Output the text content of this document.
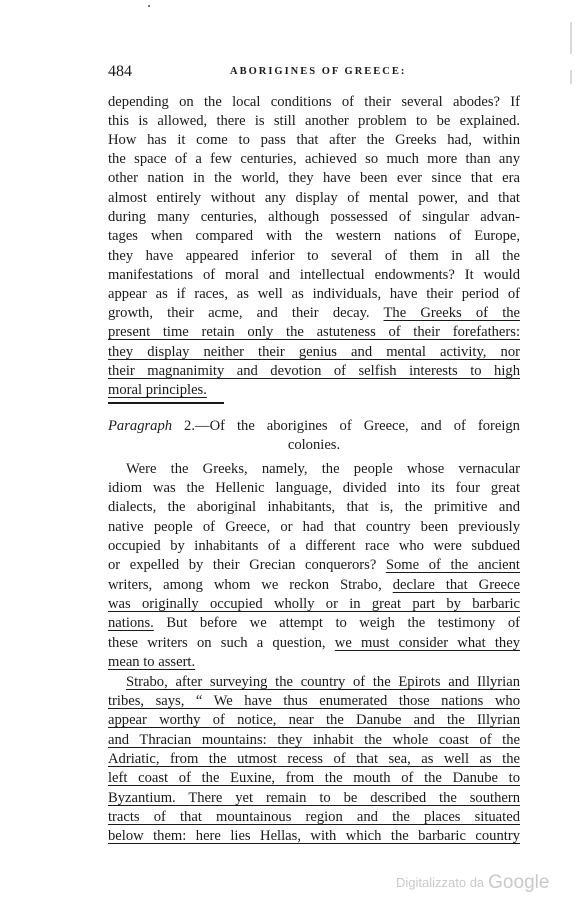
484	ABORIGINES OF GREECE:
depending on the local conditions of their several abodes? If
this is allowed, there is still another problem to be explained.
How has it come to pass that after the Greeks had, within
the space of a few centuries, achieved so much more than any
other nation in the world, they have been ever since that era
almost entirely without any display of mental power, and that
during many centuries, although possessed of singular advan-
tages when compared with the western nations of Europe,
they have appeared inferior to several of them in all the
manifestations of moral and intellectual endowments? It would
appear as if races, as well as individuals, have their period of
growth, their acme, and their decay. The Greeks of the
present time retain only the astuteness of their forefathers:
they display neither their genius and mental activity, nor
their magnanimity and devotion of selfish interests to high
moral principles.
Paragraph 2.—Of the aborigines of Greece, and of foreign
colonies.
Were the Greeks, namely, the people whose vernacular
idiom was the Hellenic language, divided into its four great
dialects, the aboriginal inhabitants, that is, the primitive and
native people of Greece, or had that country been previously
occupied by inhabitants of a different race who were subdued
or expelled by their Grecian conquerors? Some of the ancient
writers, among whom we reckon Strabo, declare that Greece
was originally occupied wholly or in great part by barbaric
nations. But before we attempt to weigh the testimony of
these writers on such a question, we must consider what they
mean to assert.
Strabo, after surveying the country of the Epirots and Illyrian
tribes, says, “ We have thus enumerated those nations who
appear worthy of notice, near the Danube and the Illyrian
and Thracian mountains: they inhabit the whole coast of the
Adriatic, from the utmost recess of that sea, as well as the
left coast of the Euxine, from the mouth of the Danube to
Byzantium. There yet remain to be described the southern
tracts of that mountainous region and the places situated
below them: here lies Hellas, with which the barbaric country
Digitalizzato da Google
